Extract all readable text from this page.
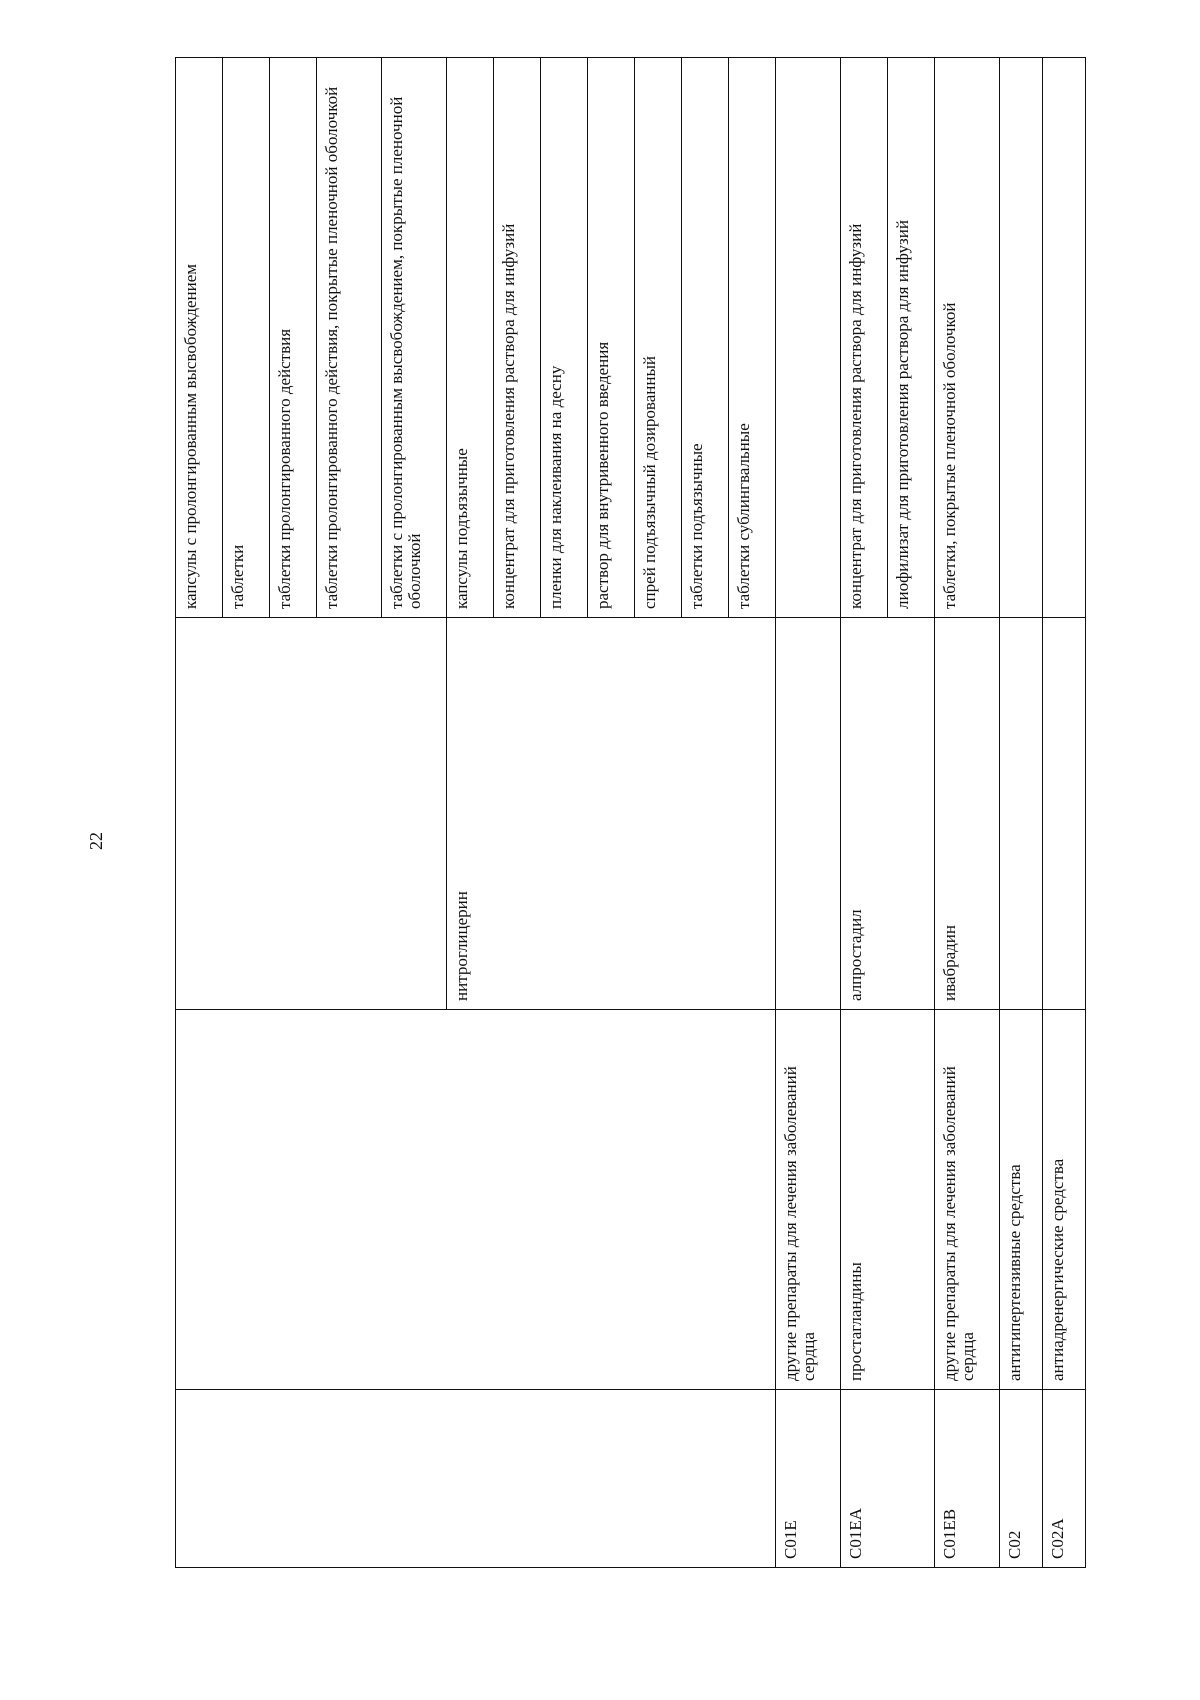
22
			капсулы с пролонгированным высвобождением
			таблетки
			таблетки пролонгированного действия
			таблетки пролонгированного действия, покрытые пленочной оболочкой
			таблетки с пролонгированным высвобождением, покрытые пленочной оболочкой
		нитроглицерин	капсулы подъязычные
			концентрат для приготовления раствора для инфузий
			пленки для наклеивания на десну
			раствор для внутривенного введения
			спрей подъязычный дозированный
			таблетки подъязычные
			таблетки сублингвальные
C01E	другие препараты для лечения заболеваний сердца		
C01EA	простагландины	алпростадил	концентрат для приготовления раствора для инфузий
			лиофилизат для приготовления раствора для инфузий
C01EB	другие препараты для лечения заболеваний сердца	ивабрадин	таблетки, покрытые пленочной оболочкой
C02	антигипертензивные средства		
C02A	антиадренергические средства		
